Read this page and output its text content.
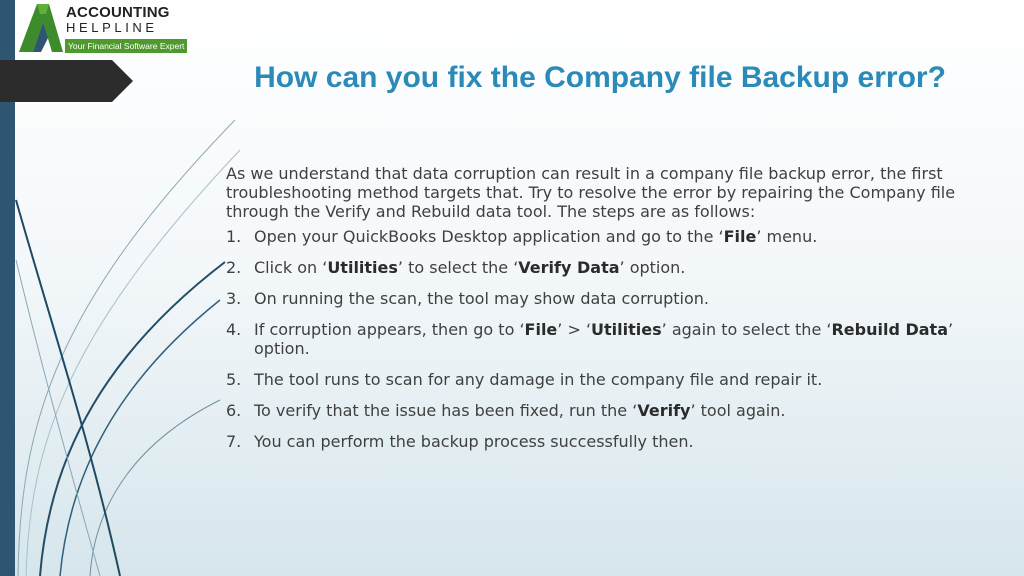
ACCOUNTING

HELPLINE

Your Financial Software Expert
How can you fix the Company file Backup error?

As we understand that data corruption can result in a company file backup error, the first troubleshooting method targets that. Try to resolve the error by repairing the Company file through the Verify and Rebuild data tool. The steps are as follows:

1. Open your QuickBooks Desktop application and go to the ‘File’ menu.
2. Click on ‘Utilities’ to select the ‘Verify Data’ option.
3. On running the scan, the tool may show data corruption.
4. If corruption appears, then go to ‘File’ > ‘Utilities’ again to select the ‘Rebuild Data’ option.
5. The tool runs to scan for any damage in the company file and repair it.
6. To verify that the issue has been fixed, run the ‘Verify’ tool again.
7. You can perform the backup process successfully then.
